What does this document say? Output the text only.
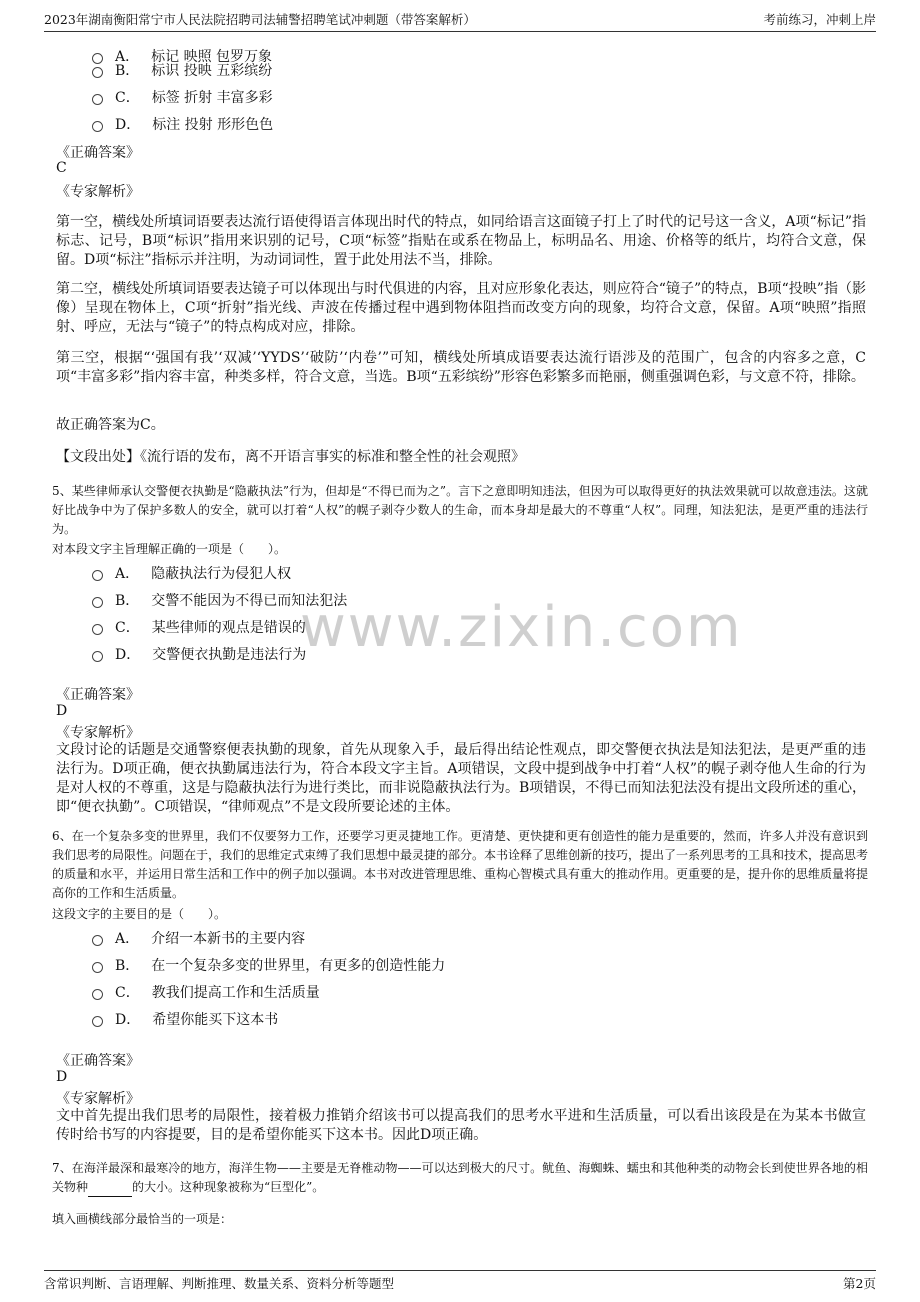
2023年湖南衡阳常宁市人民法院招聘司法辅警招聘笔试冲刺题（带答案解析）	考前练习，冲刺上岸
www.zixin.com
A． 标记 映照 包罗万象
B． 标识 投映 五彩缤纷
C． 标签 折射 丰富多彩
D． 标注 投射 形形色色
《正确答案》
C
《专家解析》
第一空，横线处所填词语要表达流行语使得语言体现出时代的特点，如同给语言这面镜子打上了时代的记号这一含义，A项“标记”指标志、记号，B项“标识”指用来识别的记号，C项“标签”指贴在或系在物品上，标明品名、用途、价格等的纸片，均符合文意，保留。D项“标注”指标示并注明，为动词词性，置于此处用法不当，排除。
第二空，横线处所填词语要表达镜子可以体现出与时代俱进的内容，且对应形象化表达，则应符合“镜子”的特点，B项“投映”指（影像）呈现在物体上，C项“折射”指光线、声波在传播过程中遇到物体阻挡而改变方向的现象，均符合文意，保留。A项“映照”指照射、呼应，无法与“镜子”的特点构成对应，排除。
第三空，根据“‘强国有我’‘双减’‘YYDS’‘破防’‘内卷’”可知，横线处所填成语要表达流行语涉及的范围广，包含的内容多之意，C项“丰富多彩”指内容丰富，种类多样，符合文意，当选。B项“五彩缤纷”形容色彩繁多而艳丽，侧重强调色彩，与文意不符，排除。
故正确答案为C。
【文段出处】《流行语的发布，离不开语言事实的标准和整全性的社会观照》
5、某些律师承认交警便衣执勤是“隐蔽执法”行为，但却是“不得已而为之”。言下之意即明知违法，但因为可以取得更好的执法效果就可以故意违法。这就好比战争中为了保护多数人的安全，就可以打着“人权”的幌子剥夺少数人的生命，而本身却是最大的不尊重“人权”。同理，知法犯法，是更严重的违法行为。
对本段文字主旨理解正确的一项是（　　）。
A． 隐蔽执法行为侵犯人权
B． 交警不能因为不得已而知法犯法
C． 某些律师的观点是错误的
D． 交警便衣执勤是违法行为
《正确答案》
D
《专家解析》
文段讨论的话题是交通警察便表执勤的现象，首先从现象入手，最后得出结论性观点，即交警便衣执法是知法犯法，是更严重的违法行为。D项正确，便衣执勤属违法行为，符合本段文字主旨。A项错误，文段中提到战争中打着“人权”的幌子剥夺他人生命的行为是对人权的不尊重，这是与隐蔽执法行为进行类比，而非说隐蔽执法行为。B项错误，不得已而知法犯法没有提出文段所述的重心，即“便衣执勤”。C项错误，“律师观点”不是文段所要论述的主体。
6、在一个复杂多变的世界里，我们不仅要努力工作，还要学习更灵捷地工作。更清楚、更快捷和更有创造性的能力是重要的，然而，许多人并没有意识到我们思考的局限性。问题在于，我们的思维定式束缚了我们思想中最灵捷的部分。本书诠释了思维创新的技巧，提出了一系列思考的工具和技术，提高思考的质量和水平，并运用日常生活和工作中的例子加以强调。本书对改进管理思维、重构心智模式具有重大的推动作用。更重要的是，提升你的思维质量将提高你的工作和生活质量。
这段文字的主要目的是（　　）。
A． 介绍一本新书的主要内容
B． 在一个复杂多变的世界里，有更多的创造性能力
C． 教我们提高工作和生活质量
D． 希望你能买下这本书
《正确答案》
D
《专家解析》
文中首先提出我们思考的局限性，接着极力推销介绍该书可以提高我们的思考水平进和生活质量，可以看出该段是在为某本书做宣传时给书写的内容提要，目的是希望你能买下这本书。因此D项正确。
7、在海洋最深和最寒冷的地方，海洋生物——主要是无脊椎动物——可以达到极大的尺寸。鱿鱼、海蜘蛛、蠕虫和其他种类的动物会长到使世界各地的相关物种	的大小。这种现象被称为“巨型化”。
填入画横线部分最恰当的一项是：
含常识判断、言语理解、判断推理、数量关系、资料分析等题型	第2页
